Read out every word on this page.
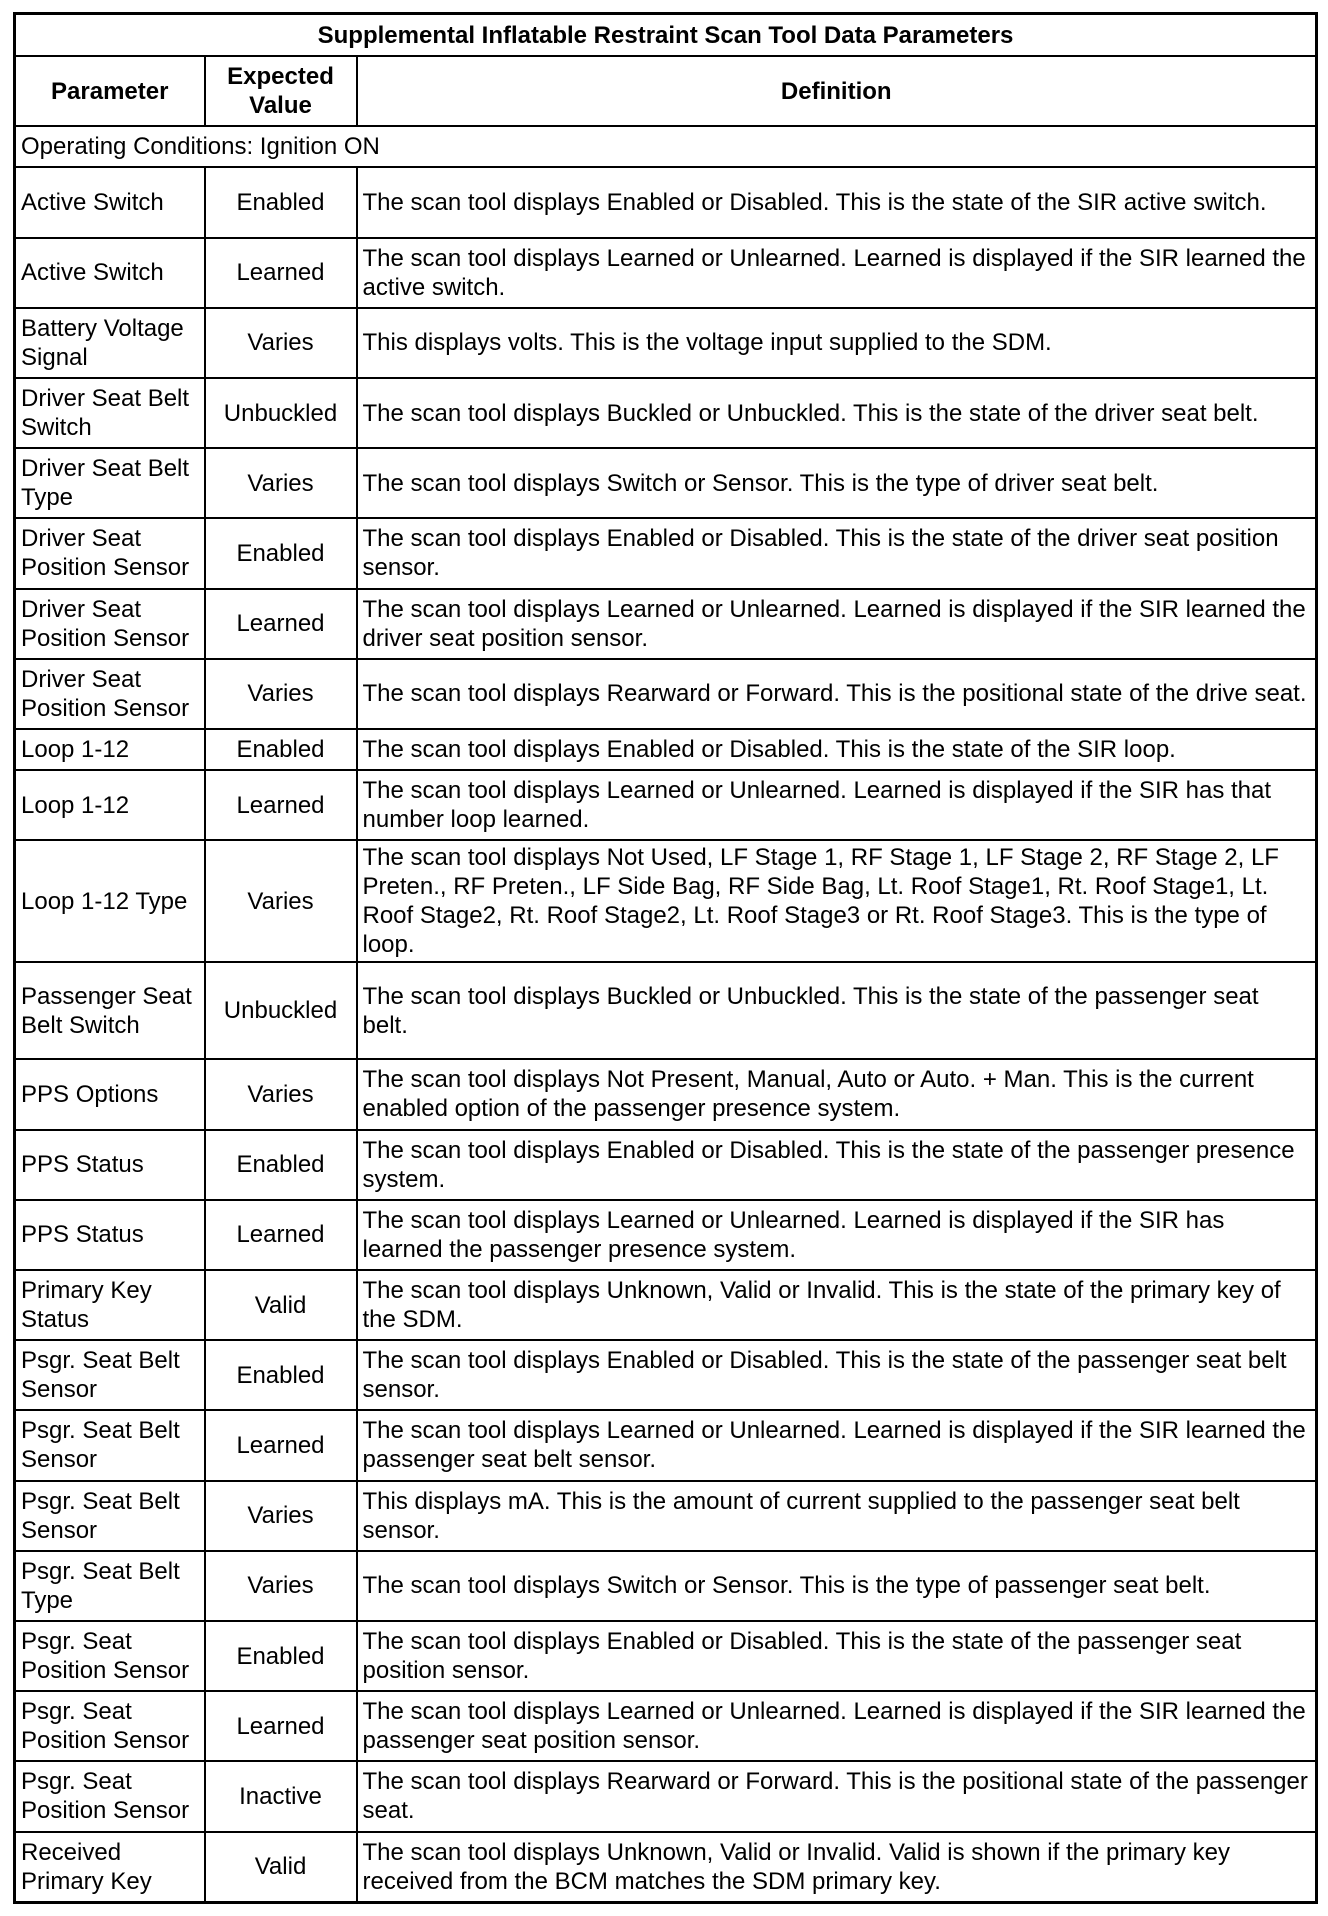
Supplemental Inflatable Restraint Scan Tool Data Parameters		
Parameter	Expected Value	Definition
Operating Conditions: Ignition ON		
Active Switch	Enabled	The scan tool displays Enabled or Disabled. This is the state of the SIR active switch.
Active Switch	Learned	The scan tool displays Learned or Unlearned. Learned is displayed if the SIR learned the active switch.
Battery Voltage Signal	Varies	This displays volts. This is the voltage input supplied to the SDM.
Driver Seat Belt Switch	Unbuckled	The scan tool displays Buckled or Unbuckled. This is the state of the driver seat belt.
Driver Seat Belt Type	Varies	The scan tool displays Switch or Sensor. This is the type of driver seat belt.
Driver Seat Position Sensor	Enabled	The scan tool displays Enabled or Disabled. This is the state of the driver seat position sensor.
Driver Seat Position Sensor	Learned	The scan tool displays Learned or Unlearned. Learned is displayed if the SIR learned the driver seat position sensor.
Driver Seat Position Sensor	Varies	The scan tool displays Rearward or Forward. This is the positional state of the drive seat.
Loop 1-12	Enabled	The scan tool displays Enabled or Disabled. This is the state of the SIR loop.
Loop 1-12	Learned	The scan tool displays Learned or Unlearned. Learned is displayed if the SIR has that number loop learned.
Loop 1-12 Type	Varies	The scan tool displays Not Used, LF Stage 1, RF Stage 1, LF Stage 2, RF Stage 2, LF Preten., RF Preten., LF Side Bag, RF Side Bag, Lt. Roof Stage1, Rt. Roof Stage1, Lt. Roof Stage2, Rt. Roof Stage2, Lt. Roof Stage3 or Rt. Roof Stage3. This is the type of loop.
Passenger Seat Belt Switch	Unbuckled	The scan tool displays Buckled or Unbuckled. This is the state of the passenger seat belt.
PPS Options	Varies	The scan tool displays Not Present, Manual, Auto or Auto. + Man. This is the current enabled option of the passenger presence system.
PPS Status	Enabled	The scan tool displays Enabled or Disabled. This is the state of the passenger presence system.
PPS Status	Learned	The scan tool displays Learned or Unlearned. Learned is displayed if the SIR has learned the passenger presence system.
Primary Key Status	Valid	The scan tool displays Unknown, Valid or Invalid. This is the state of the primary key of the SDM.
Psgr. Seat Belt Sensor	Enabled	The scan tool displays Enabled or Disabled. This is the state of the passenger seat belt sensor.
Psgr. Seat Belt Sensor	Learned	The scan tool displays Learned or Unlearned. Learned is displayed if the SIR learned the passenger seat belt sensor.
Psgr. Seat Belt Sensor	Varies	This displays mA. This is the amount of current supplied to the passenger seat belt sensor.
Psgr. Seat Belt Type	Varies	The scan tool displays Switch or Sensor. This is the type of passenger seat belt.
Psgr. Seat Position Sensor	Enabled	The scan tool displays Enabled or Disabled. This is the state of the passenger seat position sensor.
Psgr. Seat Position Sensor	Learned	The scan tool displays Learned or Unlearned. Learned is displayed if the SIR learned the passenger seat position sensor.
Psgr. Seat Position Sensor	Inactive	The scan tool displays Rearward or Forward. This is the positional state of the passenger seat.
Received Primary Key	Valid	The scan tool displays Unknown, Valid or Invalid. Valid is shown if the primary key received from the BCM matches the SDM primary key.
